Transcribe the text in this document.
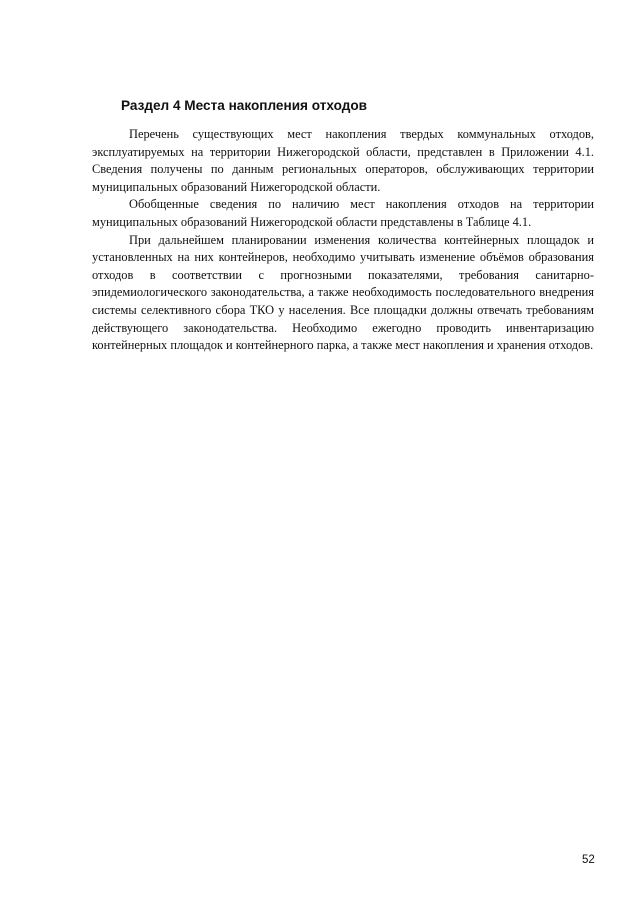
Раздел 4 Места накопления отходов

Перечень существующих мест накопления твердых коммунальных отходов, эксплуатируемых на территории Нижегородской области, представлен в Приложении 4.1. Сведения получены по данным региональных операторов, обслуживающих территории муниципальных образований Нижегородской области.

Обобщенные сведения по наличию мест накопления отходов на территории муниципальных образований Нижегородской области представлены в Таблице 4.1.

При дальнейшем планировании изменения количества контейнерных площадок и установленных на них контейнеров, необходимо учитывать изменение объёмов образования отходов в соответствии с прогнозными показателями, требования санитарно-эпидемиологического законодательства, а также необходимость последовательного внедрения системы селективного сбора ТКО у населения. Все площадки должны отвечать требованиям действующего законодательства. Необходимо ежегодно проводить инвентаризацию контейнерных площадок и контейнерного парка, а также мест накопления и хранения отходов.

52
